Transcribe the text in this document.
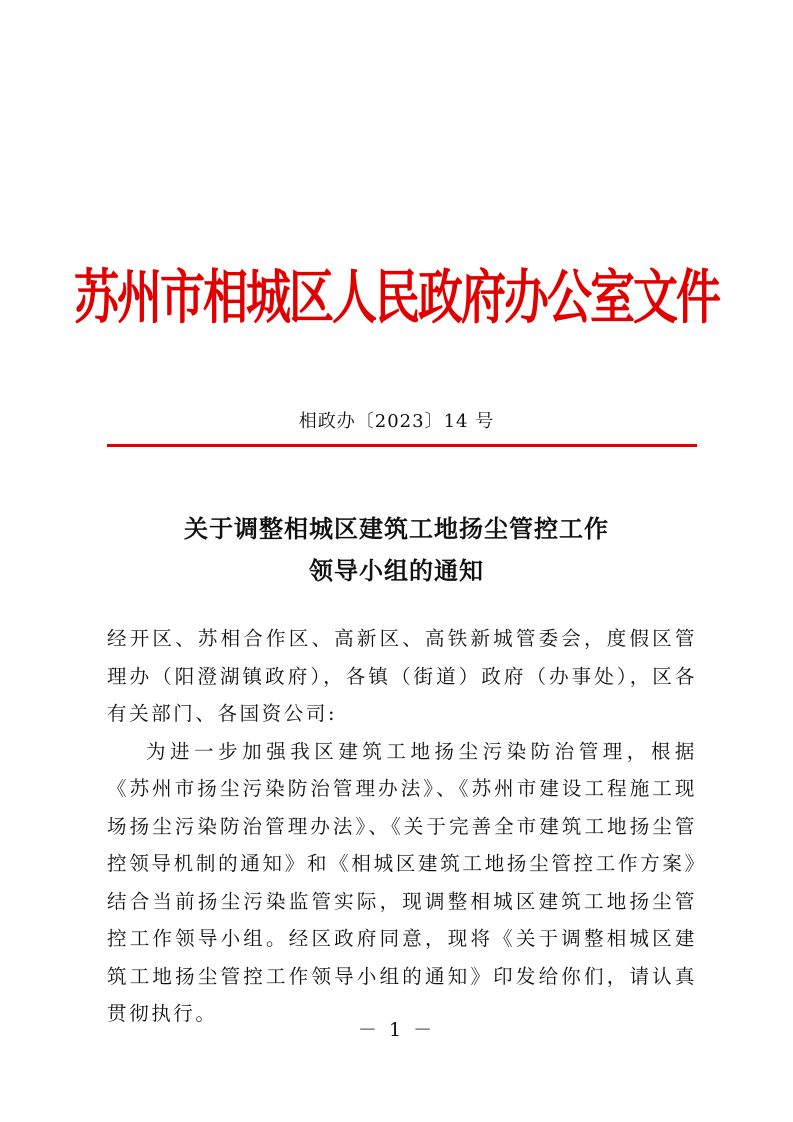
苏州市相城区人民政府办公室文件
相政办〔2023〕14 号
关于调整相城区建筑工地扬尘管控工作
领导小组的通知

经开区、苏相合作区、高新区、高铁新城管委会，度假区管理办（阳澄湖镇政府），各镇（街道）政府（办事处），区各有关部门、各国资公司:

为进一步加强我区建筑工地扬尘污染防治管理，根据《苏州市扬尘污染防治管理办法》、《苏州市建设工程施工现场扬尘污染防治管理办法》、《关于完善全市建筑工地扬尘管控领导机制的通知》和《相城区建筑工地扬尘管控工作方案》结合当前扬尘污染监管实际，现调整相城区建筑工地扬尘管控工作领导小组。经区政府同意，现将《关于调整相城区建筑工地扬尘管控工作领导小组的通知》印发给你们，请认真贯彻执行。

－ 1 －
